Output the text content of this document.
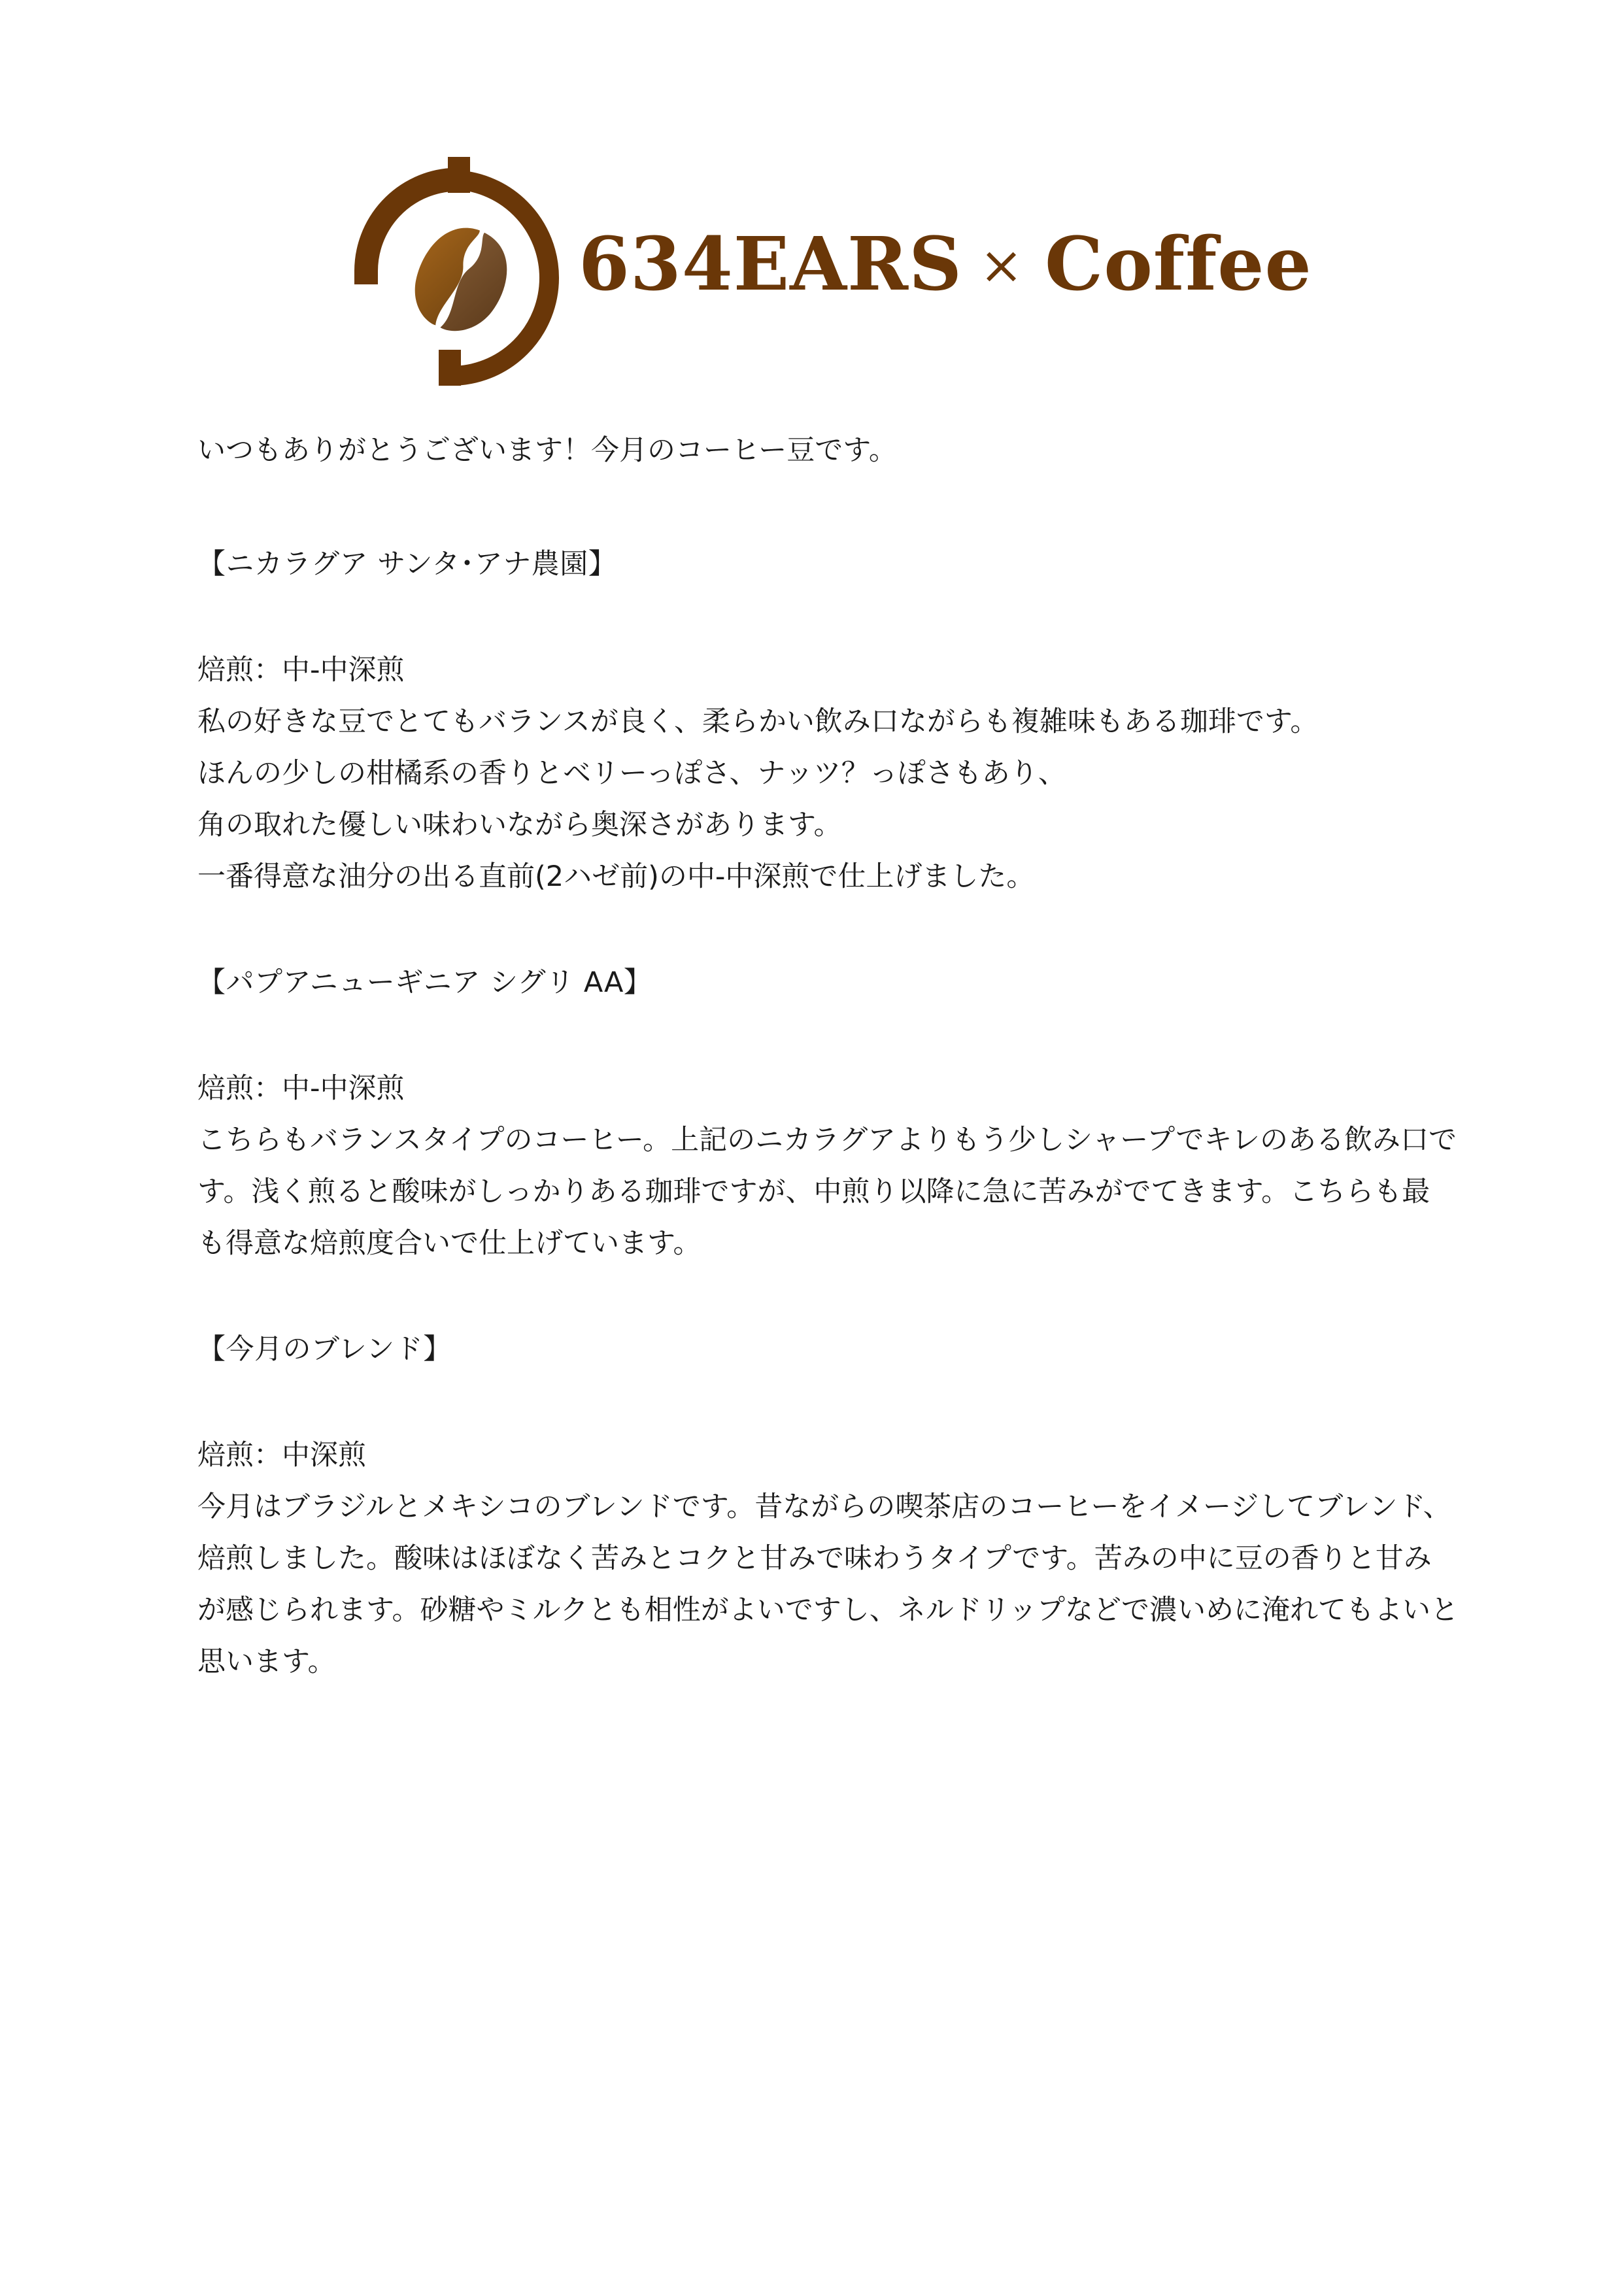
634EARS × Coffee
いつもありがとうございます！今月のコーヒー豆です。
【ニカラグア サンタ･アナ農園】
焙煎：中-中深煎
私の好きな豆でとてもバランスが良く、柔らかい飲み口ながらも複雑味もある珈琲です。
ほんの少しの柑橘系の香りとベリーっぽさ、ナッツ？っぽさもあり、
角の取れた優しい味わいながら奥深さがあります。
一番得意な油分の出る直前(2ハゼ前)の中-中深煎で仕上げました。
【パプアニューギニア シグリ AA】
焙煎：中-中深煎
こちらもバランスタイプのコーヒー。上記のニカラグアよりもう少しシャープでキレのある飲み口で
す。浅く煎ると酸味がしっかりある珈琲ですが、中煎り以降に急に苦みがでてきます。こちらも最
も得意な焙煎度合いで仕上げています。
【今月のブレンド】
焙煎：中深煎
今月はブラジルとメキシコのブレンドです。昔ながらの喫茶店のコーヒーをイメージしてブレンド、
焙煎しました。酸味はほぼなく苦みとコクと甘みで味わうタイプです。苦みの中に豆の香りと甘み
が感じられます。砂糖やミルクとも相性がよいですし、ネルドリップなどで濃いめに淹れてもよいと
思います。
